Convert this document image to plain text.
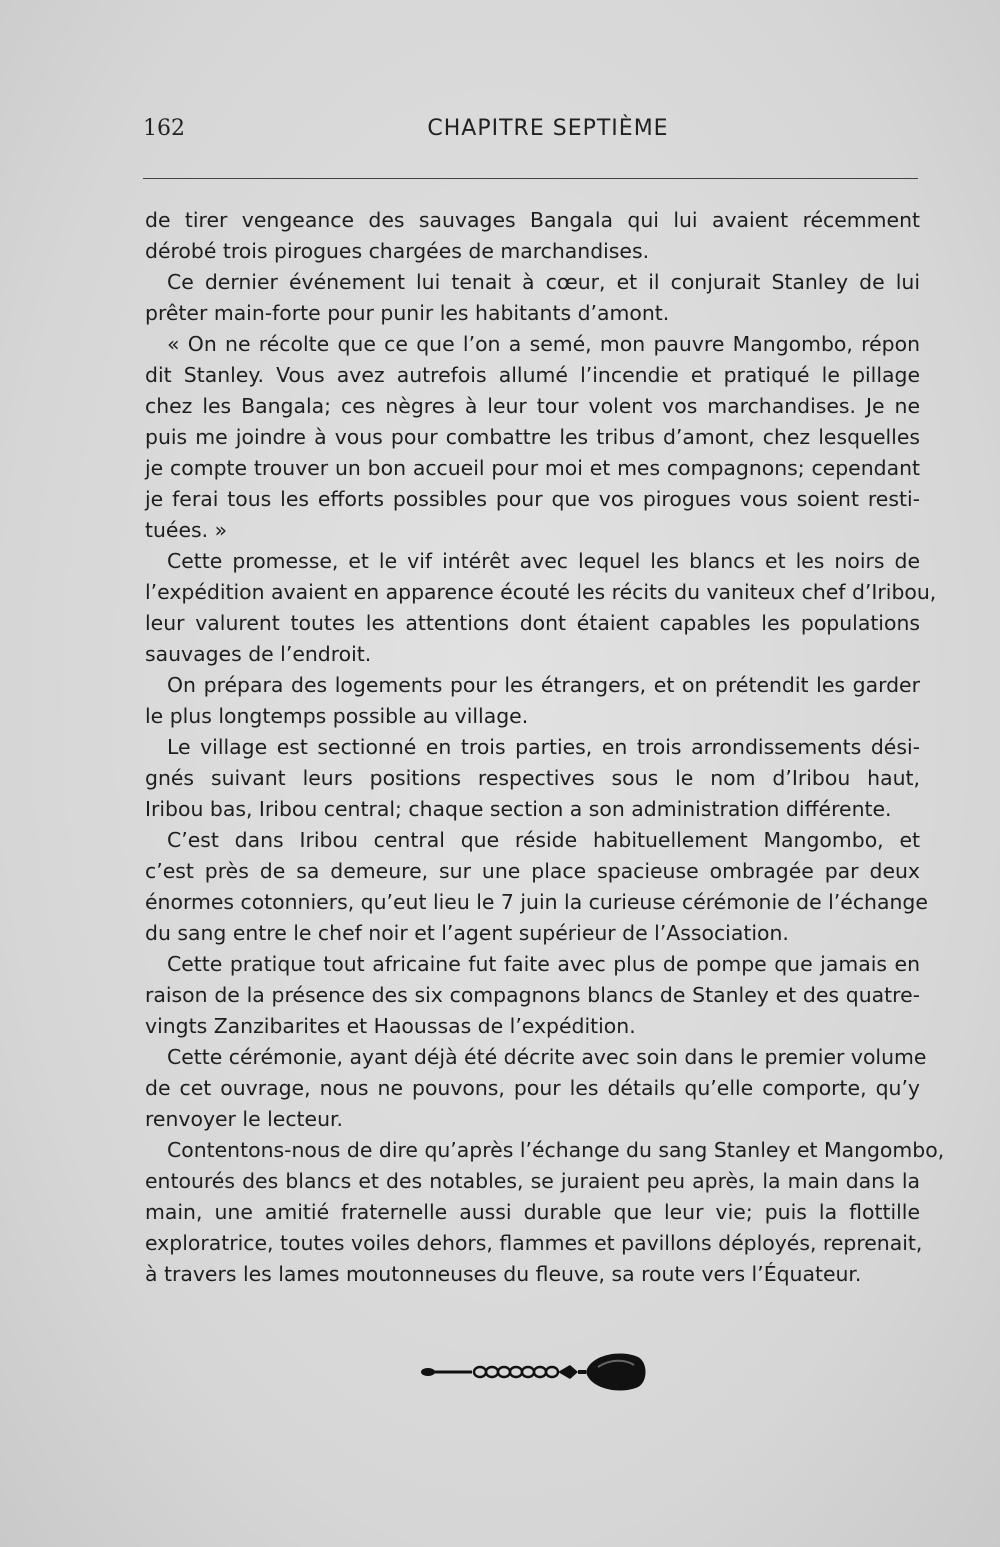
162	CHAPITRE SEPTIÈME

de tirer vengeance des sauvages Bangala qui lui avaient récemment
dérobé trois pirogues chargées de marchandises.

Ce dernier événement lui tenait à cœur, et il conjurait Stanley de lui
prêter main-forte pour punir les habitants d’amont.

« On ne récolte que ce que l’on a semé, mon pauvre Mangombo, répon
dit Stanley. Vous avez autrefois allumé l’incendie et pratiqué le pillage
chez les Bangala; ces nègres à leur tour volent vos marchandises. Je ne
puis me joindre à vous pour combattre les tribus d’amont, chez lesquelles
je compte trouver un bon accueil pour moi et mes compagnons; cependant
je ferai tous les efforts possibles pour que vos pirogues vous soient resti-
tuées. »

Cette promesse, et le vif intérêt avec lequel les blancs et les noirs de
l’expédition avaient en apparence écouté les récits du vaniteux chef d’Iribou,
leur valurent toutes les attentions dont étaient capables les populations
sauvages de l’endroit.

On prépara des logements pour les étrangers, et on prétendit les garder
le plus longtemps possible au village.

Le village est sectionné en trois parties, en trois arrondissements dési-
gnés suivant leurs positions respectives sous le nom d’Iribou haut,
Iribou bas, Iribou central; chaque section a son administration différente.

C’est dans Iribou central que réside habituellement Mangombo, et
c’est près de sa demeure, sur une place spacieuse ombragée par deux
énormes cotonniers, qu’eut lieu le 7 juin la curieuse cérémonie de l’échange
du sang entre le chef noir et l’agent supérieur de l’Association.

Cette pratique tout africaine fut faite avec plus de pompe que jamais en
raison de la présence des six compagnons blancs de Stanley et des quatre-
vingts Zanzibarites et Haoussas de l’expédition.

Cette cérémonie, ayant déjà été décrite avec soin dans le premier volume
de cet ouvrage, nous ne pouvons, pour les détails qu’elle comporte, qu’y
renvoyer le lecteur.

Contentons-nous de dire qu’après l’échange du sang Stanley et Mangombo,
entourés des blancs et des notables, se juraient peu après, la main dans la
main, une amitié fraternelle aussi durable que leur vie; puis la flottille
exploratrice, toutes voiles dehors, flammes et pavillons déployés, reprenait,
à travers les lames moutonneuses du fleuve, sa route vers l’Équateur.
